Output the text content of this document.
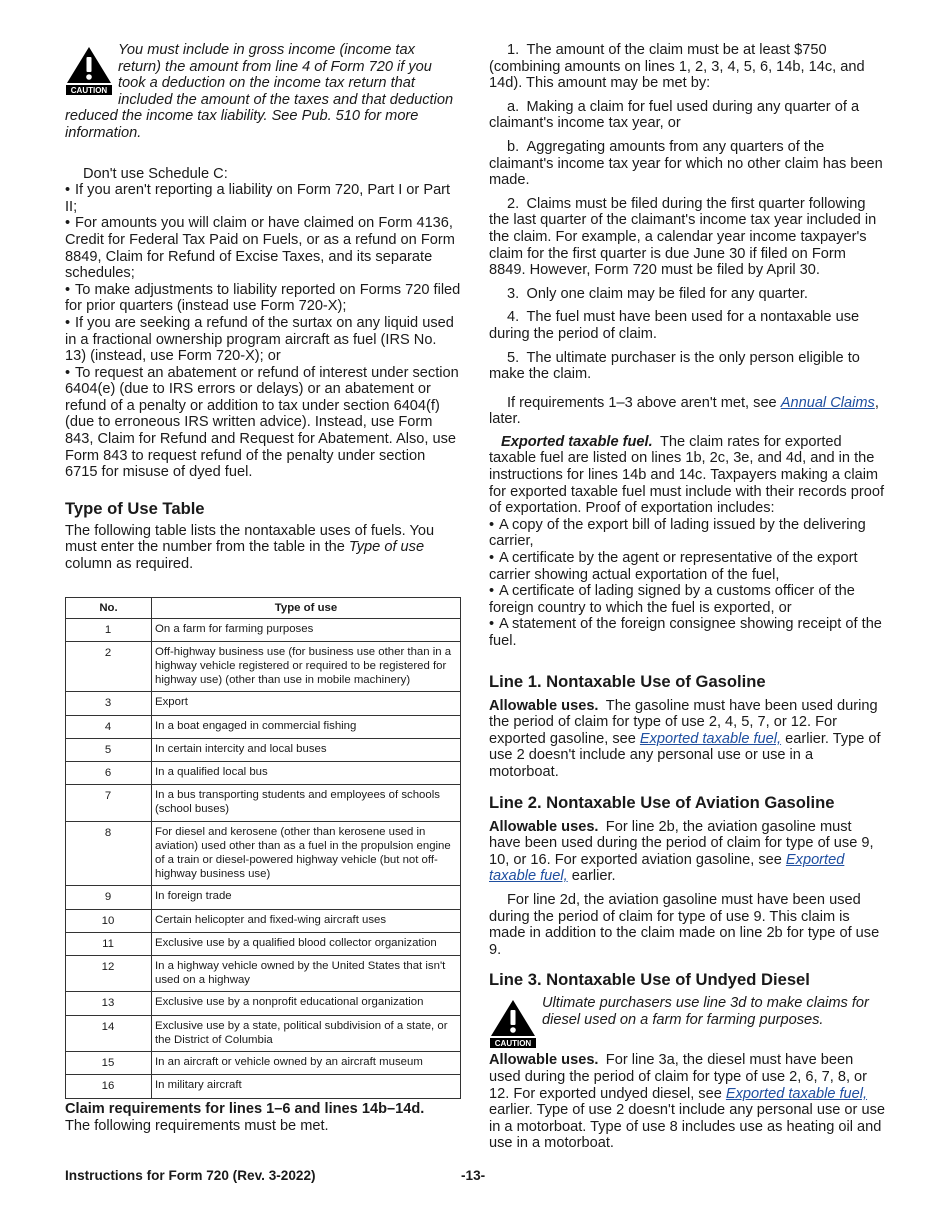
CAUTION

You must include in gross income (income tax return) the amount from line 4 of Form 720 if you took a deduction on the income tax return that included the amount of the taxes and that deduction reduced the income tax liability. See Pub. 510 for more information.

Don't use Schedule C:

• If you aren't reporting a liability on Form 720, Part I or Part II;

• For amounts you will claim or have claimed on Form 4136, Credit for Federal Tax Paid on Fuels, or as a refund on Form 8849, Claim for Refund of Excise Taxes, and its separate schedules;

• To make adjustments to liability reported on Forms 720 filed for prior quarters (instead use Form 720-X);

• If you are seeking a refund of the surtax on any liquid used in a fractional ownership program aircraft as fuel (IRS No. 13) (instead, use Form 720-X); or

• To request an abatement or refund of interest under section 6404(e) (due to IRS errors or delays) or an abatement or refund of a penalty or addition to tax under section 6404(f) (due to erroneous IRS written advice). Instead, use Form 843, Claim for Refund and Request for Abatement. Also, use Form 843 to request refund of the penalty under section 6715 for misuse of dyed fuel.

Type of Use Table

The following table lists the nontaxable uses of fuels. You must enter the number from the table in the Type of use column as required.

No.	Type of use
1	On a farm for farming purposes
2	Off-highway business use (for business use other than in a highway vehicle registered or required to be registered for highway use) (other than use in mobile machinery)
3	Export
4	In a boat engaged in commercial fishing
5	In certain intercity and local buses
6	In a qualified local bus
7	In a bus transporting students and employees of schools (school buses)
8	For diesel and kerosene (other than kerosene used in aviation) used other than as a fuel in the propulsion engine of a train or diesel-powered highway vehicle (but not off-highway business use)
9	In foreign trade
10	Certain helicopter and fixed-wing aircraft uses
11	Exclusive use by a qualified blood collector organization
12	In a highway vehicle owned by the United States that isn't used on a highway
13	Exclusive use by a nonprofit educational organization
14	Exclusive use by a state, political subdivision of a state, or the District of Columbia
15	In an aircraft or vehicle owned by an aircraft museum
16	In military aircraft

Claim requirements for lines 1–6 and lines 14b–14d.

The following requirements must be met.

1. The amount of the claim must be at least $750 (combining amounts on lines 1, 2, 3, 4, 5, 6, 14b, 14c, and 14d). This amount may be met by:

a. Making a claim for fuel used during any quarter of a claimant's income tax year, or

b. Aggregating amounts from any quarters of the claimant's income tax year for which no other claim has been made.

2. Claims must be filed during the first quarter following the last quarter of the claimant's income tax year included in the claim. For example, a calendar year income taxpayer's claim for the first quarter is due June 30 if filed on Form 8849. However, Form 720 must be filed by April 30.

3. Only one claim may be filed for any quarter.

4. The fuel must have been used for a nontaxable use during the period of claim.

5. The ultimate purchaser is the only person eligible to make the claim.

If requirements 1–3 above aren't met, see Annual Claims, later.

Exported taxable fuel. The claim rates for exported taxable fuel are listed on lines 1b, 2c, 3e, and 4d, and in the instructions for lines 14b and 14c. Taxpayers making a claim for exported taxable fuel must include with their records proof of exportation. Proof of exportation includes:

• A copy of the export bill of lading issued by the delivering carrier,

• A certificate by the agent or representative of the export carrier showing actual exportation of the fuel,

• A certificate of lading signed by a customs officer of the foreign country to which the fuel is exported, or

• A statement of the foreign consignee showing receipt of the fuel.

Line 1. Nontaxable Use of Gasoline

Allowable uses. The gasoline must have been used during the period of claim for type of use 2, 4, 5, 7, or 12. For exported gasoline, see Exported taxable fuel, earlier. Type of use 2 doesn't include any personal use or use in a motorboat.

Line 2. Nontaxable Use of Aviation Gasoline

Allowable uses. For line 2b, the aviation gasoline must have been used during the period of claim for type of use 9, 10, or 16. For exported aviation gasoline, see Exported taxable fuel, earlier.

For line 2d, the aviation gasoline must have been used during the period of claim for type of use 9. This claim is made in addition to the claim made on line 2b for type of use 9.

Line 3. Nontaxable Use of Undyed Diesel
CAUTION

Ultimate purchasers use line 3d to make claims for diesel used on a farm for farming purposes.

Allowable uses. For line 3a, the diesel must have been used during the period of claim for type of use 2, 6, 7, 8, or 12. For exported undyed diesel, see Exported taxable fuel, earlier. Type of use 2 doesn't include any personal use or use in a motorboat. Type of use 8 includes use as heating oil and use in a motorboat.

Instructions for Form 720 (Rev. 3-2022)	-13-
